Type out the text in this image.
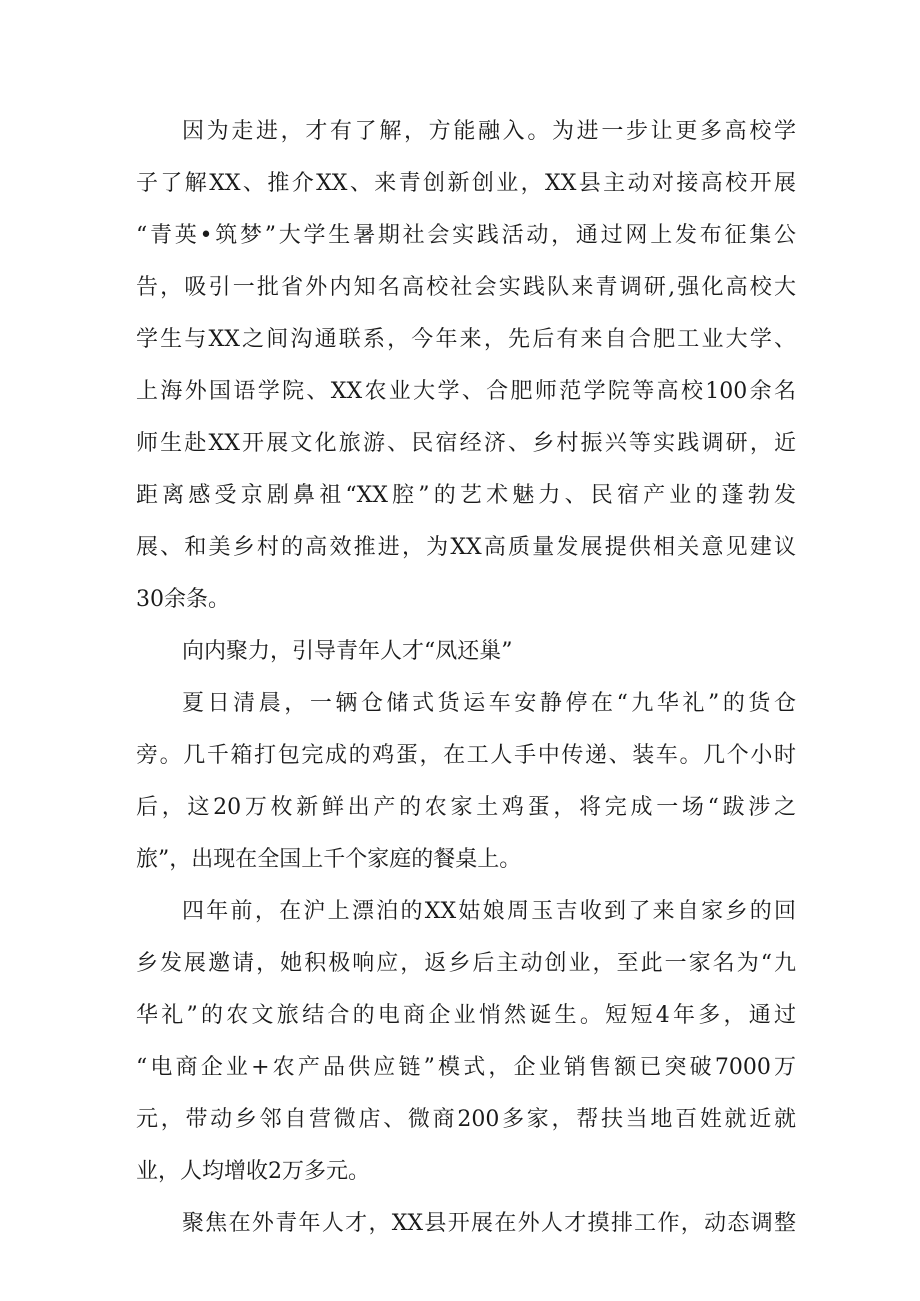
因为走进，才有了解，方能融入。为进一步让更多高校学
子了解XX、推介XX、来青创新创业，XX县主动对接高校开展
“青英•筑梦”大学生暑期社会实践活动，通过网上发布征集公
告，吸引一批省外内知名高校社会实践队来青调研,强化高校大
学生与XX之间沟通联系，今年来，先后有来自合肥工业大学、
上海外国语学院、XX农业大学、合肥师范学院等高校100余名
师生赴XX开展文化旅游、民宿经济、乡村振兴等实践调研，近
距离感受京剧鼻祖“XX腔”的艺术魅力、民宿产业的蓬勃发
展、和美乡村的高效推进，为XX高质量发展提供相关意见建议
30余条。
向内聚力，引导青年人才“凤还巢”
夏日清晨，一辆仓储式货运车安静停在“九华礼”的货仓
旁。几千箱打包完成的鸡蛋，在工人手中传递、装车。几个小时
后，这20万枚新鲜出产的农家土鸡蛋，将完成一场“跋涉之
旅”，出现在全国上千个家庭的餐桌上。
四年前，在沪上漂泊的XX姑娘周玉吉收到了来自家乡的回
乡发展邀请，她积极响应，返乡后主动创业，至此一家名为“九
华礼”的农文旅结合的电商企业悄然诞生。短短4年多，通过
“电商企业+农产品供应链”模式，企业销售额已突破7000万
元，带动乡邻自营微店、微商200多家，帮扶当地百姓就近就
业，人均增收2万多元。
聚焦在外青年人才，XX县开展在外人才摸排工作，动态调整
